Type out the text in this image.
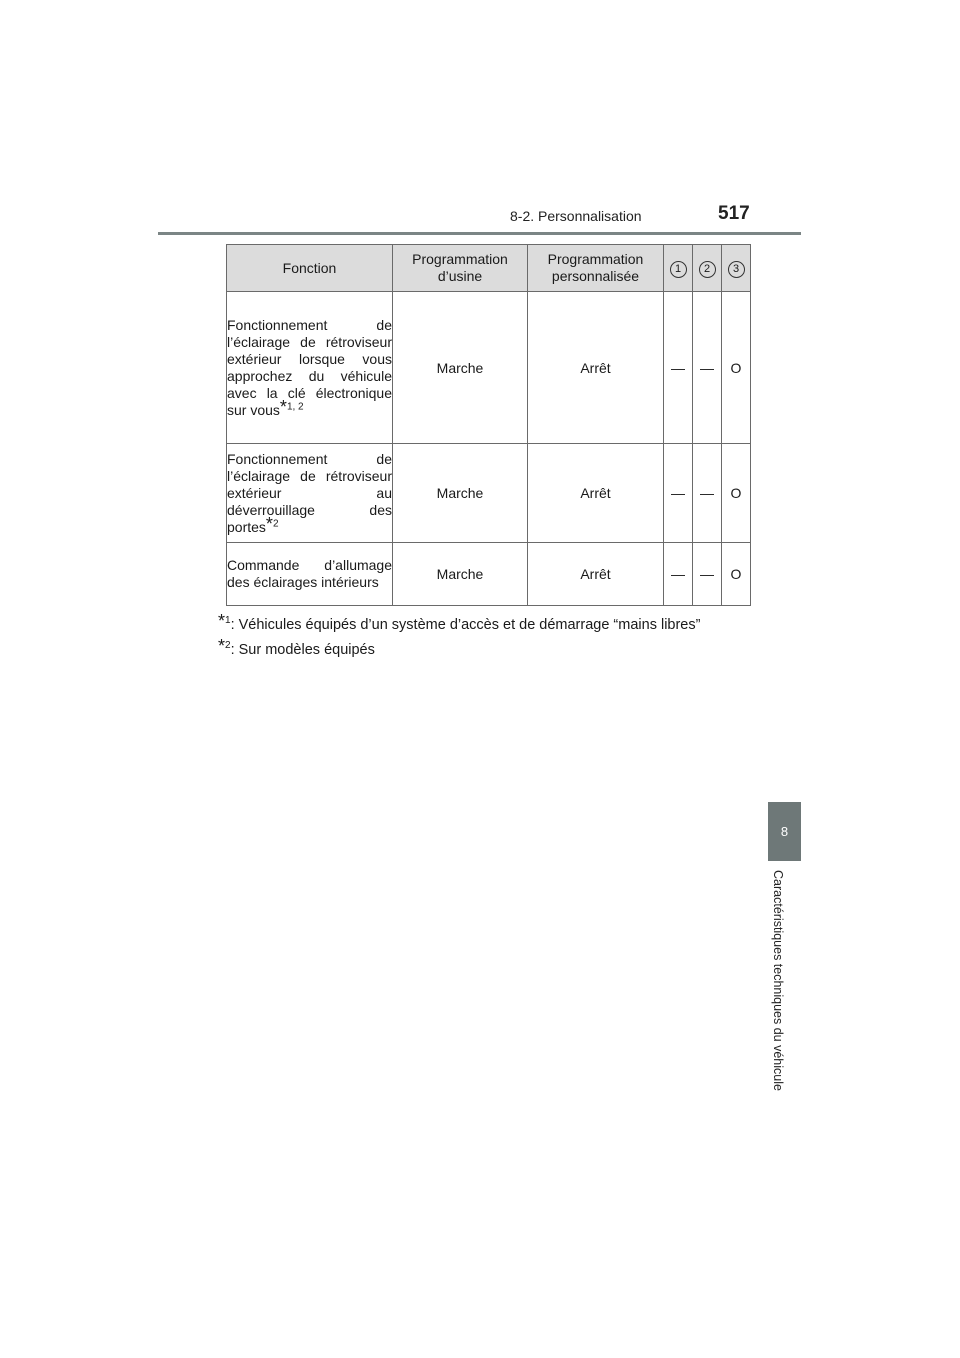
8-2. Personnalisation	517
8
Caractéristiques techniques du véhicule
Fonction	Programmation d’usine	Programmation personnalisée	1	2	3
Fonctionnement de l’éclairage de rétroviseur extérieur lorsque vous approchez du véhicule avec la clé électronique sur vous*$^{1, 2}$	Marche	Arrêt	—	—	O
Fonctionnement de l’éclairage de rétroviseur extérieur au déverrouillage des portes*$^2$	Marche	Arrêt	—	—	O
Commande d’allumage des éclairages intérieurs	Marche	Arrêt	—	—	O
*$^1$: Véhicules équipés d’un système d’accès et de démarrage “mains libres”
*$^2$: Sur modèles équipés
